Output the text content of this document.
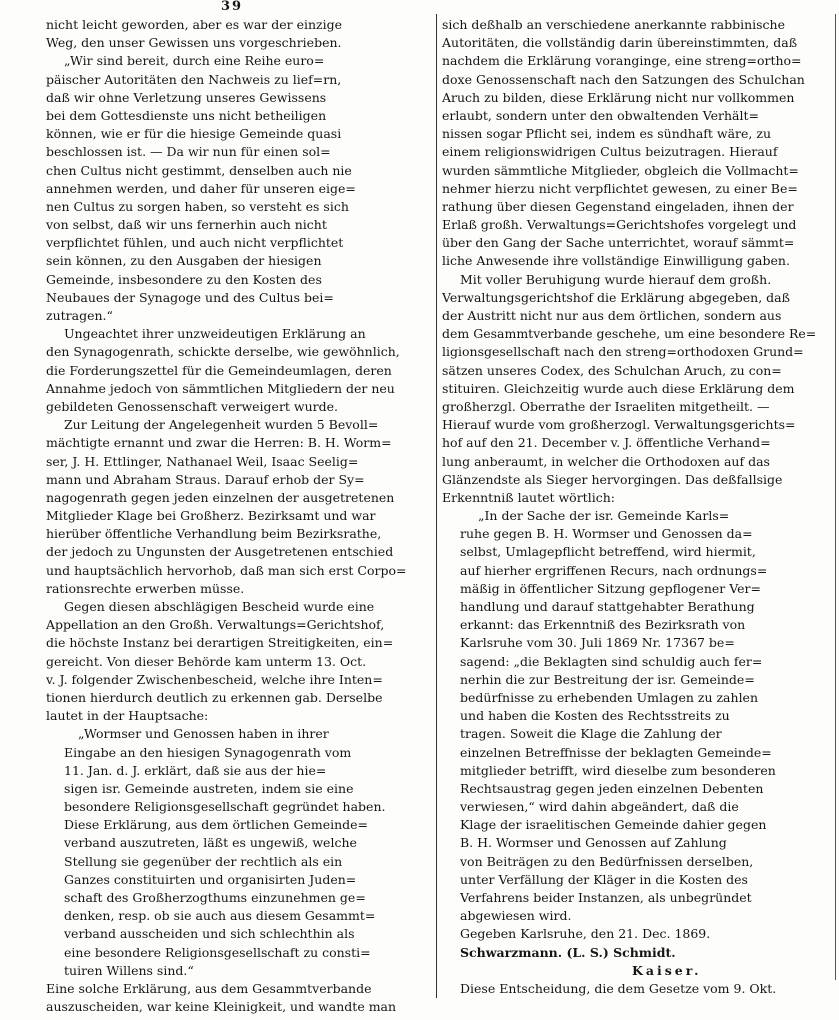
39
nicht leicht geworden, aber es war der einzige
Weg, den unser Gewissen uns vorgeschrieben.
„Wir sind bereit, durch eine Reihe euro=
päischer Autoritäten den Nachweis zu lief=rn,
daß wir ohne Verletzung unseres Gewissens
bei dem Gottesdienste uns nicht betheiligen
können, wie er für die hiesige Gemeinde quasi
beschlossen ist. — Da wir nun für einen sol=
chen Cultus nicht gestimmt, denselben auch nie
annehmen werden, und daher für unseren eige=
nen Cultus zu sorgen haben, so versteht es sich
von selbst, daß wir uns fernerhin auch nicht
verpflichtet fühlen, und auch nicht verpflichtet
sein können, zu den Ausgaben der hiesigen
Gemeinde, insbesondere zu den Kosten des
Neubaues der Synagoge und des Cultus bei=
zutragen.“
Ungeachtet ihrer unzweideutigen Erklärung an
den Synagogenrath, schickte derselbe, wie gewöhnlich,
die Forderungszettel für die Gemeindeumlagen, deren
Annahme jedoch von sämmtlichen Mitgliedern der neu
gebildeten Genossenschaft verweigert wurde.
Zur Leitung der Angelegenheit wurden 5 Bevoll=
mächtigte ernannt und zwar die Herren: B. H. Worm=
ser, J. H. Ettlinger, Nathanael Weil, Isaac Seelig=
mann und Abraham Straus. Darauf erhob der Sy=
nagogenrath gegen jeden einzelnen der ausgetretenen
Mitglieder Klage bei Großherz. Bezirksamt und war
hierüber öffentliche Verhandlung beim Bezirksrathe,
der jedoch zu Ungunsten der Ausgetretenen entschied
und hauptsächlich hervorhob, daß man sich erst Corpo=
rationsrechte erwerben müsse.
Gegen diesen abschlägigen Bescheid wurde eine
Appellation an den Großh. Verwaltungs=Gerichtshof,
die höchste Instanz bei derartigen Streitigkeiten, ein=
gereicht. Von dieser Behörde kam unterm 13. Oct.
v. J. folgender Zwischenbescheid, welche ihre Inten=
tionen hierdurch deutlich zu erkennen gab. Derselbe
lautet in der Hauptsache:
„Wormser und Genossen haben in ihrer
Eingabe an den hiesigen Synagogenrath vom
11. Jan. d. J. erklärt, daß sie aus der hie=
sigen isr. Gemeinde austreten, indem sie eine
besondere Religionsgesellschaft gegründet haben.
Diese Erklärung, aus dem örtlichen Gemeinde=
verband auszutreten, läßt es ungewiß, welche
Stellung sie gegenüber der rechtlich als ein
Ganzes constituirten und organisirten Juden=
schaft des Großherzogthums einzunehmen ge=
denken, resp. ob sie auch aus diesem Gesammt=
verband ausscheiden und sich schlechthin als
eine besondere Religionsgesellschaft zu consti=
tuiren Willens sind.“
Eine solche Erklärung, aus dem Gesammtverbande
auszuscheiden, war keine Kleinigkeit, und wandte man
sich deßhalb an verschiedene anerkannte rabbinische
Autoritäten, die vollständig darin übereinstimmten, daß
nachdem die Erklärung voranginge, eine streng=ortho=
doxe Genossenschaft nach den Satzungen des Schulchan
Aruch zu bilden, diese Erklärung nicht nur vollkommen
erlaubt, sondern unter den obwaltenden Verhält=
nissen sogar Pflicht sei, indem es sündhaft wäre, zu
einem religionswidrigen Cultus beizutragen. Hierauf
wurden sämmtliche Mitglieder, obgleich die Vollmacht=
nehmer hierzu nicht verpflichtet gewesen, zu einer Be=
rathung über diesen Gegenstand eingeladen, ihnen der
Erlaß großh. Verwaltungs=Gerichtshofes vorgelegt und
über den Gang der Sache unterrichtet, worauf sämmt=
liche Anwesende ihre vollständige Einwilligung gaben.
Mit voller Beruhigung wurde hierauf dem großh.
Verwaltungsgerichtshof die Erklärung abgegeben, daß
der Austritt nicht nur aus dem örtlichen, sondern aus
dem Gesammtverbande geschehe, um eine besondere Re=
ligionsgesellschaft nach den streng=orthodoxen Grund=
sätzen unseres Codex, des Schulchan Aruch, zu con=
stituiren. Gleichzeitig wurde auch diese Erklärung dem
großherzgl. Oberrathe der Israeliten mitgetheilt. —
Hierauf wurde vom großherzogl. Verwaltungsgerichts=
hof auf den 21. December v. J. öffentliche Verhand=
lung anberaumt, in welcher die Orthodoxen auf das
Glänzendste als Sieger hervorgingen. Das deßfallsige
Erkenntniß lautet wörtlich:
„In der Sache der isr. Gemeinde Karls=
ruhe gegen B. H. Wormser und Genossen da=
selbst, Umlagepflicht betreffend, wird hiermit,
auf hierher ergriffenen Recurs, nach ordnungs=
mäßig in öffentlicher Sitzung gepflogener Ver=
handlung und darauf stattgehabter Berathung
erkannt: das Erkenntniß des Bezirksrath von
Karlsruhe vom 30. Juli 1869 Nr. 17367 be=
sagend: „die Beklagten sind schuldig auch fer=
nerhin die zur Bestreitung der isr. Gemeinde=
bedürfnisse zu erhebenden Umlagen zu zahlen
und haben die Kosten des Rechtsstreits zu
tragen. Soweit die Klage die Zahlung der
einzelnen Betreffnisse der beklagten Gemeinde=
mitglieder betrifft, wird dieselbe zum besonderen
Rechtsaustrag gegen jeden einzelnen Debenten
verwiesen,“ wird dahin abgeändert, daß die
Klage der israelitischen Gemeinde dahier gegen
B. H. Wormser und Genossen auf Zahlung
von Beiträgen zu den Bedürfnissen derselben,
unter Verfällung der Kläger in die Kosten des
Verfahrens beider Instanzen, als unbegründet
abgewiesen wird.
Gegeben Karlsruhe, den 21. Dec. 1869.
Schwarzmann. (L. S.) Schmidt.
Kaiser.
Diese Entscheidung, die dem Gesetze vom 9. Okt.
